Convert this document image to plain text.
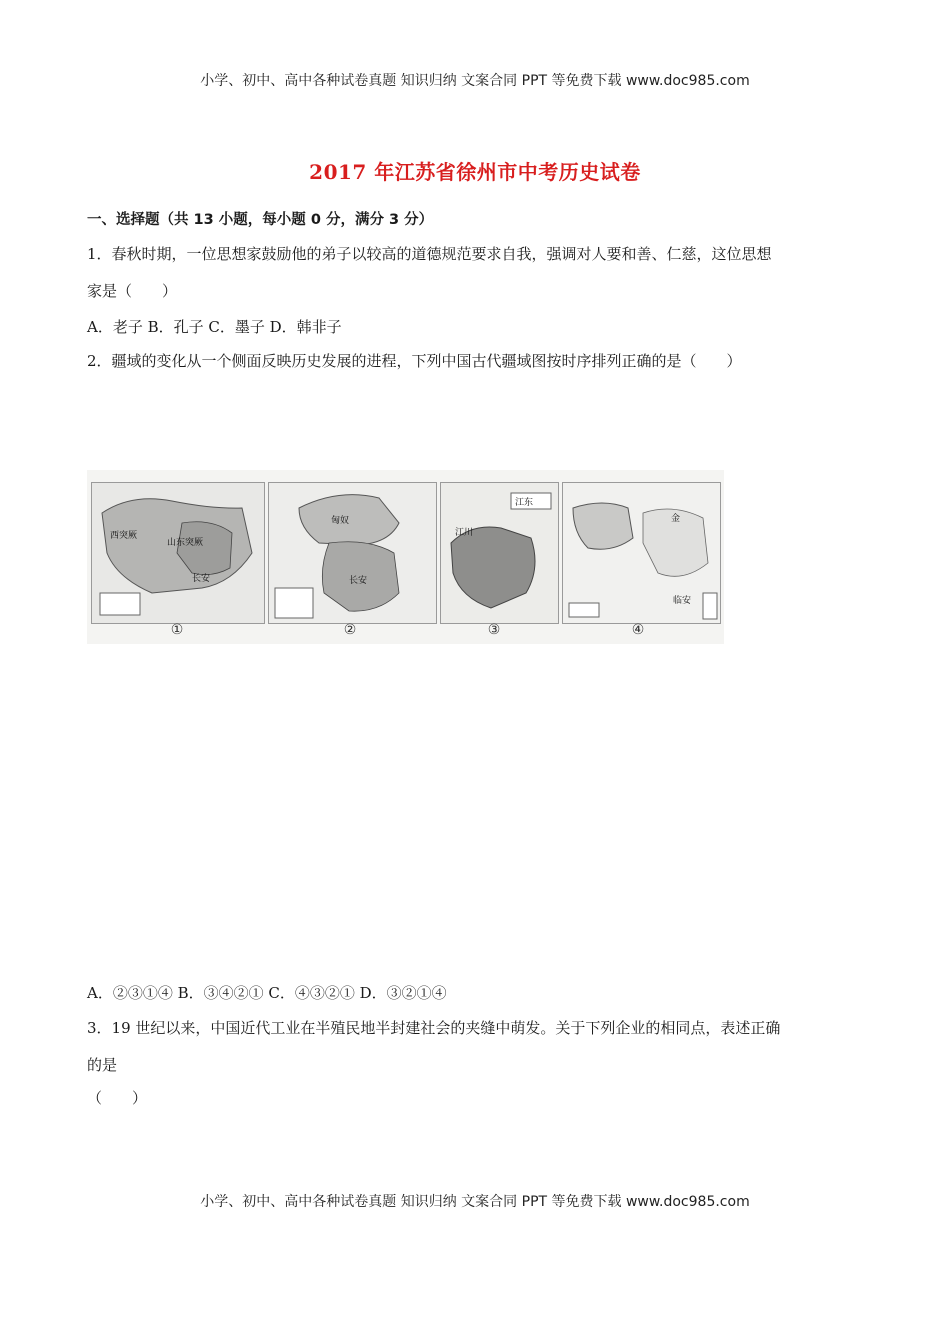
小学、初中、高中各种试卷真题 知识归纳 文案合同 PPT 等免费下载 www.doc985.com
2017 年江苏省徐州市中考历史试卷
一、选择题（共 13 小题，每小题 0 分，满分 3 分）
1．春秋时期，一位思想家鼓励他的弟子以较高的道德规范要求自我，强调对人要和善、仁慈，这位思想
家是（　　）
A．老子 B．孔子 C．墨子 D．韩非子
2．疆域的变化从一个侧面反映历史发展的进程，下列中国古代疆域图按时序排列正确的是（　　）
西突厥
山东突厥
长安
匈奴
长安
江川
江东
金
临安
①	②	③	④
A．②③①④ B．③④②① C．④③②① D．③②①④
3．19 世纪以来，中国近代工业在半殖民地半封建社会的夹缝中萌发。关于下列企业的相同点，表述正确
的是
（　　）
小学、初中、高中各种试卷真题 知识归纳 文案合同 PPT 等免费下载 www.doc985.com
